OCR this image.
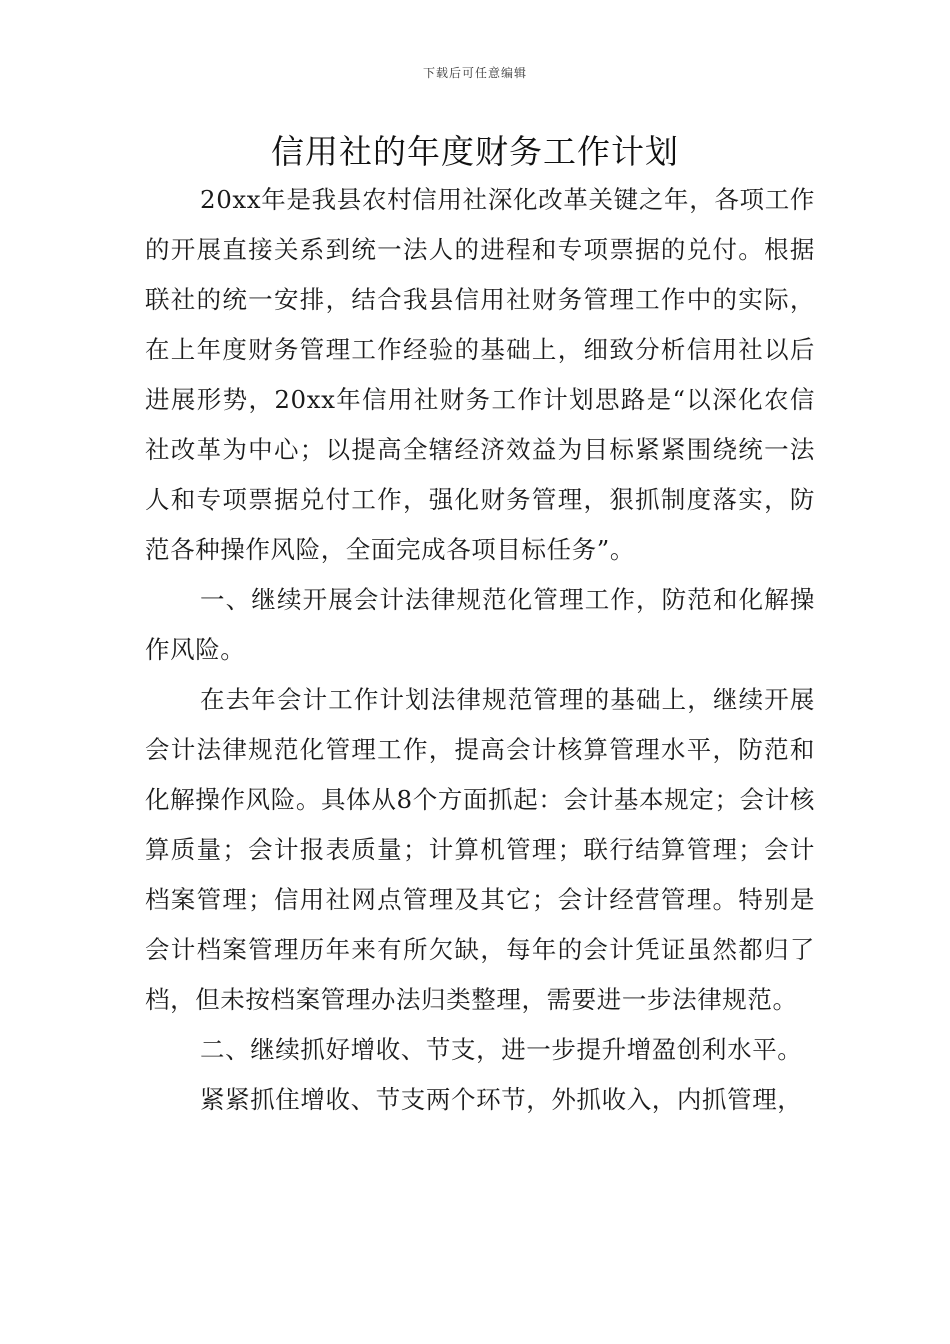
下载后可任意编辑
信用社的年度财务工作计划

20xx年是我县农村信用社深化改革关键之年，各项工作的开展直接关系到统一法人的进程和专项票据的兑付。根据联社的统一安排，结合我县信用社财务管理工作中的实际，在上年度财务管理工作经验的基础上，细致分析信用社以后进展形势，20xx年信用社财务工作计划思路是“以深化农信社改革为中心；以提高全辖经济效益为目标紧紧围绕统一法人和专项票据兑付工作，强化财务管理，狠抓制度落实，防范各种操作风险，全面完成各项目标任务”。

一、继续开展会计法律规范化管理工作，防范和化解操作风险。

在去年会计工作计划法律规范管理的基础上，继续开展会计法律规范化管理工作，提高会计核算管理水平，防范和化解操作风险。具体从8个方面抓起：会计基本规定；会计核算质量；会计报表质量；计算机管理；联行结算管理；会计档案管理；信用社网点管理及其它；会计经营管理。特别是会计档案管理历年来有所欠缺，每年的会计凭证虽然都归了档，但未按档案管理办法归类整理，需要进一步法律规范。

二、继续抓好增收、节支，进一步提升增盈创利水平。

紧紧抓住增收、节支两个环节，外抓收入，内抓管理，
